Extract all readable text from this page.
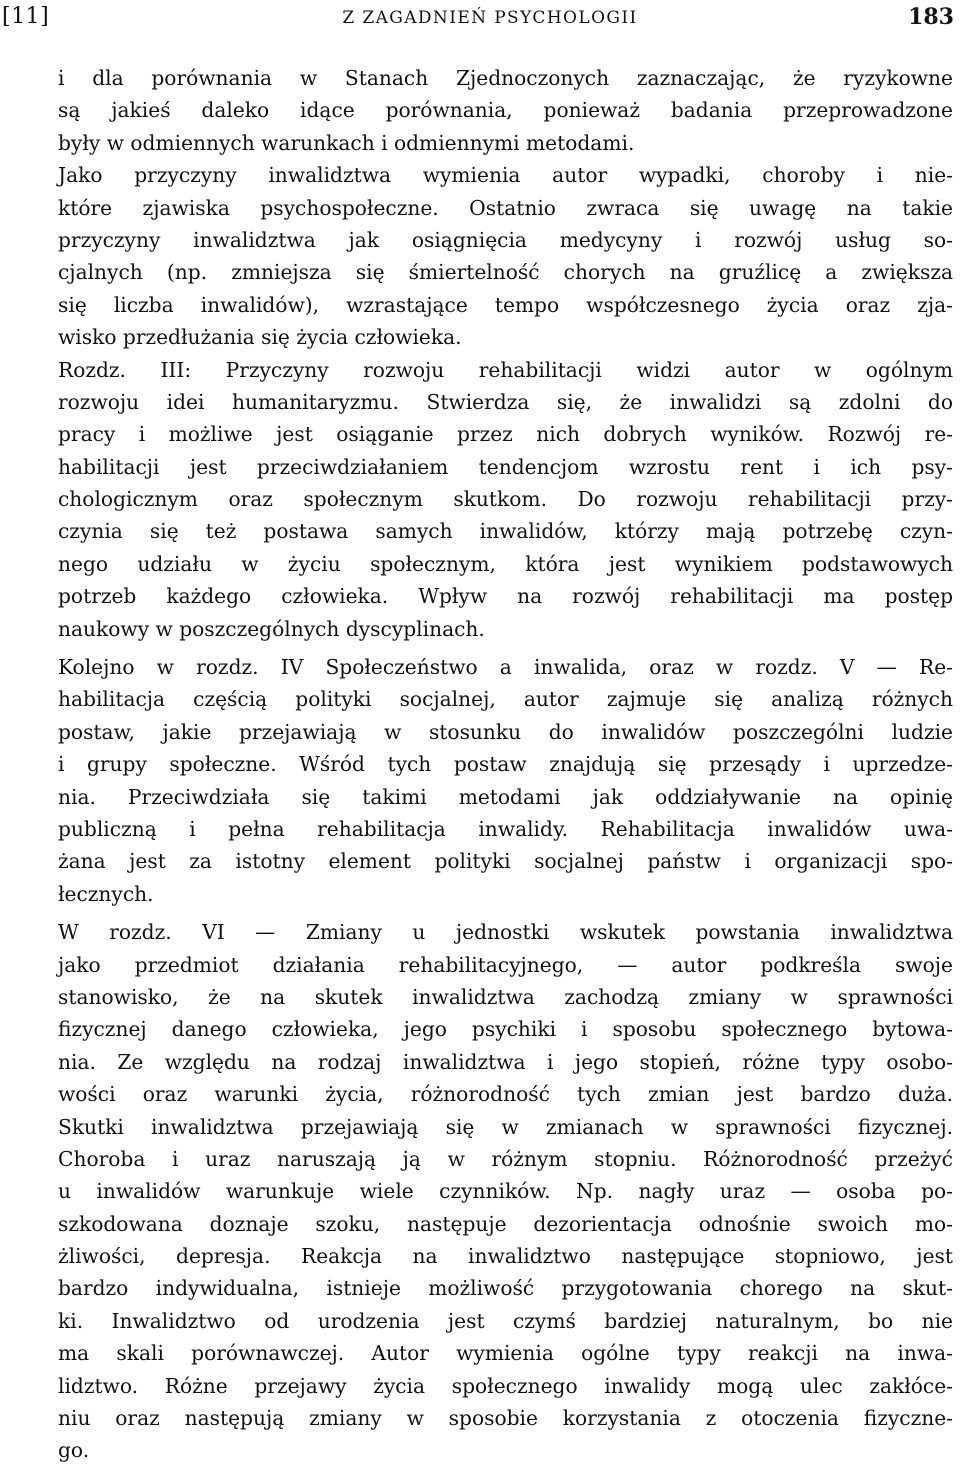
[11]	Z ZAGADNIEŃ PSYCHOLOGII	183

i dla porównania w Stanach Zjednoczonych zaznaczając, że ryzykowne
są jakieś daleko idące porównania, ponieważ badania przeprowadzone
były w odmiennych warunkach i odmiennymi metodami.

Jako przyczyny inwalidztwa wymienia autor wypadki, choroby i nie-
które zjawiska psychospołeczne. Ostatnio zwraca się uwagę na takie
przyczyny inwalidztwa jak osiągnięcia medycyny i rozwój usług so-
cjalnych (np. zmniejsza się śmiertelność chorych na gruźlicę a zwiększa
się liczba inwalidów), wzrastające tempo współczesnego życia oraz zja-
wisko przedłużania się życia człowieka.

Rozdz. III: Przyczyny rozwoju rehabilitacji widzi autor w ogólnym
rozwoju idei humanitaryzmu. Stwierdza się, że inwalidzi są zdolni do
pracy i możliwe jest osiąganie przez nich dobrych wyników. Rozwój re-
habilitacji jest przeciwdziałaniem tendencjom wzrostu rent i ich psy-
chologicznym oraz społecznym skutkom. Do rozwoju rehabilitacji przy-
czynia się też postawa samych inwalidów, którzy mają potrzebę czyn-
nego udziału w życiu społecznym, która jest wynikiem podstawowych
potrzeb każdego człowieka. Wpływ na rozwój rehabilitacji ma postęp
naukowy w poszczególnych dyscyplinach.

Kolejno w rozdz. IV Społeczeństwo a inwalida, oraz w rozdz. V — Re-
habilitacja częścią polityki socjalnej, autor zajmuje się analizą różnych
postaw, jakie przejawiają w stosunku do inwalidów poszczególni ludzie
i grupy społeczne. Wśród tych postaw znajdują się przesądy i uprzedze-
nia. Przeciwdziała się takimi metodami jak oddziaływanie na opinię
publiczną i pełna rehabilitacja inwalidy. Rehabilitacja inwalidów uwa-
żana jest za istotny element polityki socjalnej państw i organizacji spo-
łecznych.

W rozdz. VI — Zmiany u jednostki wskutek powstania inwalidztwa
jako przedmiot działania rehabilitacyjnego, — autor podkreśla swoje
stanowisko, że na skutek inwalidztwa zachodzą zmiany w sprawności
fizycznej danego człowieka, jego psychiki i sposobu społecznego bytowa-
nia. Ze względu na rodzaj inwalidztwa i jego stopień, różne typy osobo-
wości oraz warunki życia, różnorodność tych zmian jest bardzo duża.
Skutki inwalidztwa przejawiają się w zmianach w sprawności fizycznej.
Choroba i uraz naruszają ją w różnym stopniu. Różnorodność przeżyć
u inwalidów warunkuje wiele czynników. Np. nagły uraz — osoba po-
szkodowana doznaje szoku, następuje dezorientacja odnośnie swoich mo-
żliwości, depresja. Reakcja na inwalidztwo następujące stopniowo, jest
bardzo indywidualna, istnieje możliwość przygotowania chorego na skut-
ki. Inwalidztwo od urodzenia jest czymś bardziej naturalnym, bo nie
ma skali porównawczej. Autor wymienia ogólne typy reakcji na inwa-
lidztwo. Różne przejawy życia społecznego inwalidy mogą ulec zakłóce-
niu oraz następują zmiany w sposobie korzystania z otoczenia fizyczne-
go.
